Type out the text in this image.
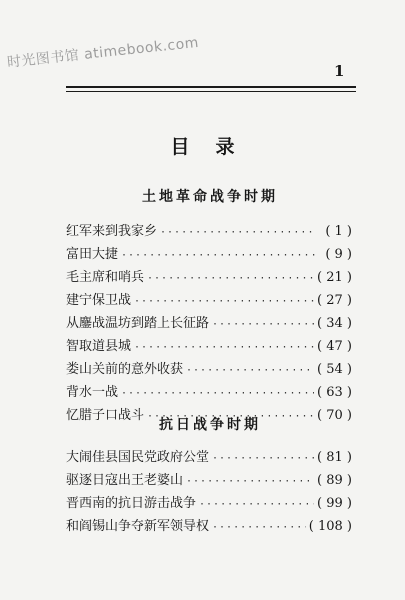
时光图书馆 atimebook.com
1
目录
土地革命战争时期
红军来到我家乡 ·····	( 1 )
富田大捷 ·····	( 9 )
毛主席和哨兵 ·····	( 21 )
建宁保卫战 ·····	( 27 )
从鏖战温坊到踏上长征路 ·····	( 34 )
智取道县城 ·····	( 47 )
娄山关前的意外收获 ·····	( 54 )
背水一战 ·····	( 63 )
忆腊子口战斗 ·····	( 70 )
抗日战争时期
大闹佳县国民党政府公堂 ·····	( 81 )
驱逐日寇出王老婆山 ·····	( 89 )
晋西南的抗日游击战争 ·····	( 99 )
和阎锡山争夺新军领导权 ·····	( 108 )
